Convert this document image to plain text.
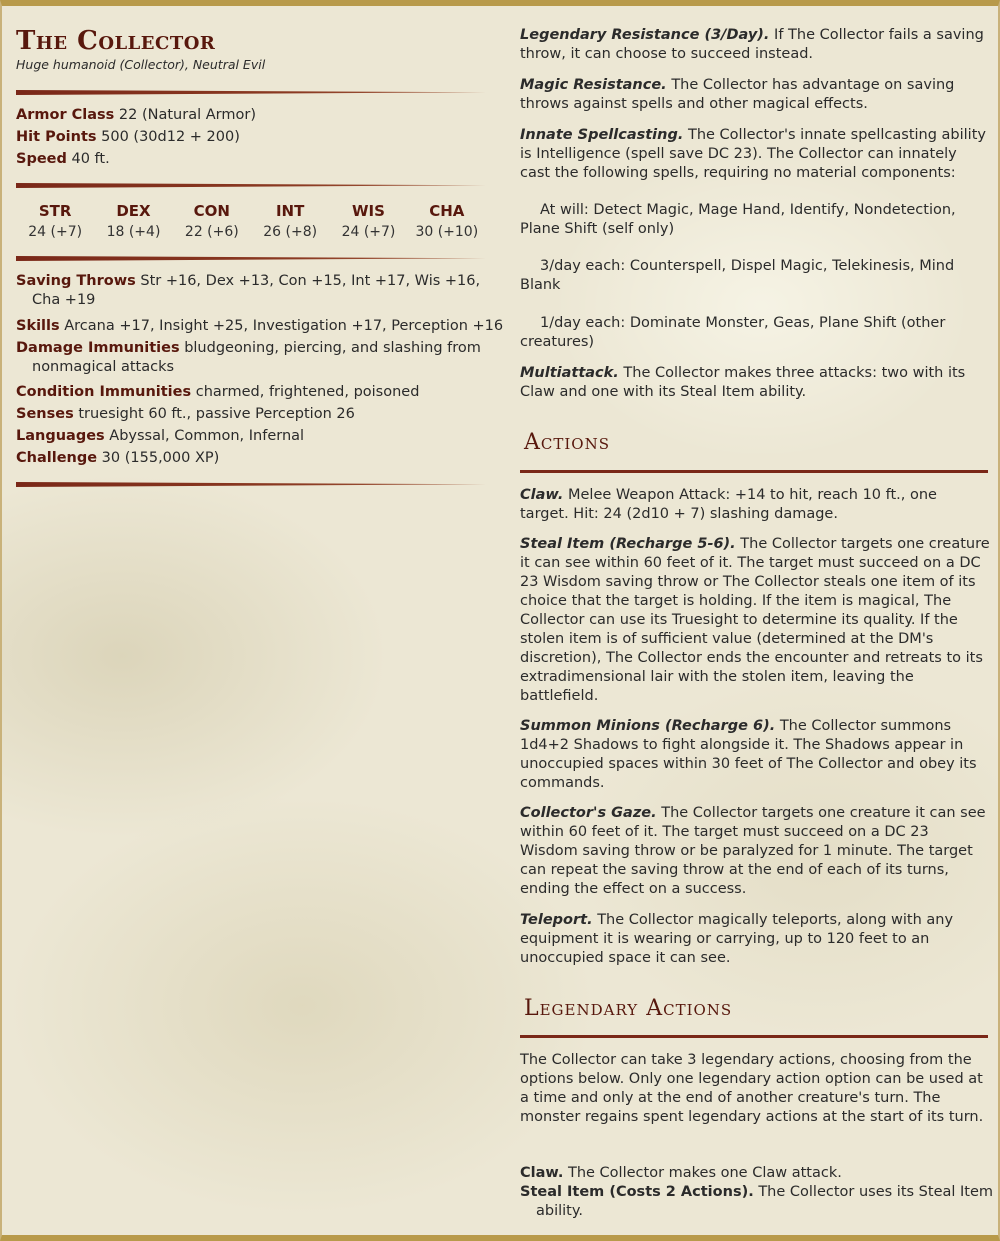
The Collector
Huge humanoid (Collector), Neutral Evil
Armor Class 22 (Natural Armor)
Hit Points 500 (30d12 + 200)
Speed 40 ft.
STR
24 (+7)
DEX
18 (+4)
CON
22 (+6)
INT
26 (+8)
WIS
24 (+7)
CHA
30 (+10)
Saving Throws Str +16, Dex +13, Con +15, Int +17, Wis +16, Cha +19
Skills Arcana +17, Insight +25, Investigation +17, Perception +16
Damage Immunities bludgeoning, piercing, and slashing from nonmagical attacks
Condition Immunities charmed, frightened, poisoned
Senses truesight 60 ft., passive Perception 26
Languages Abyssal, Common, Infernal
Challenge 30 (155,000 XP)
Legendary Resistance (3/Day). If The Collector fails a saving throw, it can choose to succeed instead.
Magic Resistance. The Collector has advantage on saving throws against spells and other magical effects.
Innate Spellcasting. The Collector's innate spellcasting ability is Intelligence (spell save DC 23). The Collector can innately cast the following spells, requiring no material components:
At will: Detect Magic, Mage Hand, Identify, Nondetection, Plane Shift (self only)
3/day each: Counterspell, Dispel Magic, Telekinesis, Mind Blank
1/day each: Dominate Monster, Geas, Plane Shift (other creatures)
Multiattack. The Collector makes three attacks: two with its Claw and one with its Steal Item ability.
Actions
Claw. Melee Weapon Attack: +14 to hit, reach 10 ft., one target. Hit: 24 (2d10 + 7) slashing damage.
Steal Item (Recharge 5-6). The Collector targets one creature it can see within 60 feet of it. The target must succeed on a DC 23 Wisdom saving throw or The Collector steals one item of its choice that the target is holding. If the item is magical, The Collector can use its Truesight to determine its quality. If the stolen item is of sufficient value (determined at the DM's discretion), The Collector ends the encounter and retreats to its extradimensional lair with the stolen item, leaving the battlefield.
Summon Minions (Recharge 6). The Collector summons 1d4+2 Shadows to fight alongside it. The Shadows appear in unoccupied spaces within 30 feet of The Collector and obey its commands.
Collector's Gaze. The Collector targets one creature it can see within 60 feet of it. The target must succeed on a DC 23 Wisdom saving throw or be paralyzed for 1 minute. The target can repeat the saving throw at the end of each of its turns, ending the effect on a success.
Teleport. The Collector magically teleports, along with any equipment it is wearing or carrying, up to 120 feet to an unoccupied space it can see.
Legendary Actions
The Collector can take 3 legendary actions, choosing from the options below. Only one legendary action option can be used at a time and only at the end of another creature's turn. The monster regains spent legendary actions at the start of its turn.
Claw. The Collector makes one Claw attack.
Steal Item (Costs 2 Actions). The Collector uses its Steal Item ability.
